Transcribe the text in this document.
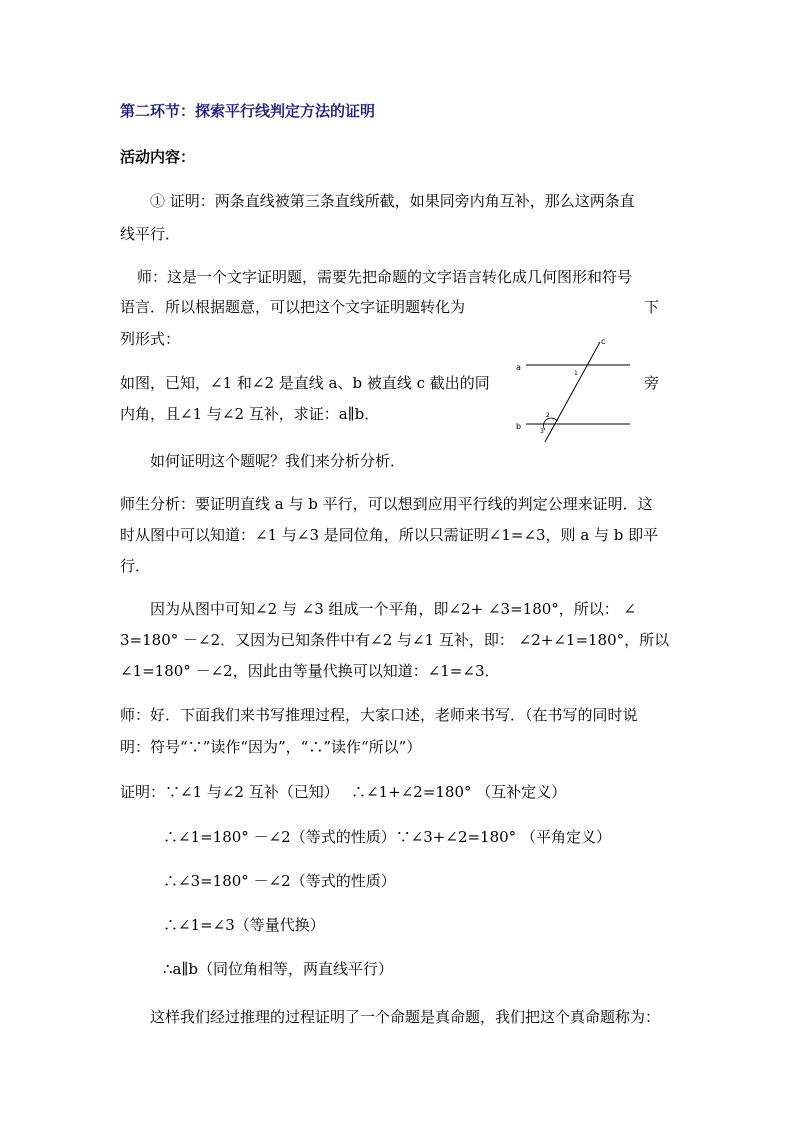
第二环节：探索平行线判定方法的证明
活动内容：
① 证明：两条直线被第三条直线所截，如果同旁内角互补，那么这两条直
线平行．
师：这是一个文字证明题，需要先把命题的文字语言转化成几何图形和符号
语言．所以根据题意，可以把这个文字证明题转化为	下
列形式：
如图，已知，∠1 和∠2 是直线 a、b 被直线 c 截出的同	旁
内角，且∠1 与∠2 互补，求证：a∥b．
a
b
c
1
2
3
如何证明这个题呢？我们来分析分析．
师生分析：要证明直线 a 与 b 平行，可以想到应用平行线的判定公理来证明．这
时从图中可以知道：∠1 与∠3 是同位角，所以只需证明∠1=∠3，则 a 与 b 即平
行．
因为从图中可知∠2 与 ∠3 组成一个平角，即∠2+ ∠3=180°，所以： ∠
3=180° －∠2．又因为已知条件中有∠2 与∠1 互补，即： ∠2+∠1=180°，所以
∠1=180° －∠2，因此由等量代换可以知道：∠1=∠3．
师：好．下面我们来书写推理过程，大家口述，老师来书写．（在书写的同时说
明：符号“∵”读作“因为”，“∴”读作“所以”）
证明：∵∠1 与∠2 互补（已知）　 ∴∠1+∠2=180° （互补定义）
∴∠1=180° －∠2（等式的性质）∵∠3+∠2=180° （平角定义）
∴∠3=180° －∠2（等式的性质）
∴∠1=∠3（等量代换）
∴a∥b（同位角相等，两直线平行）
这样我们经过推理的过程证明了一个命题是真命题，我们把这个真命题称为：
